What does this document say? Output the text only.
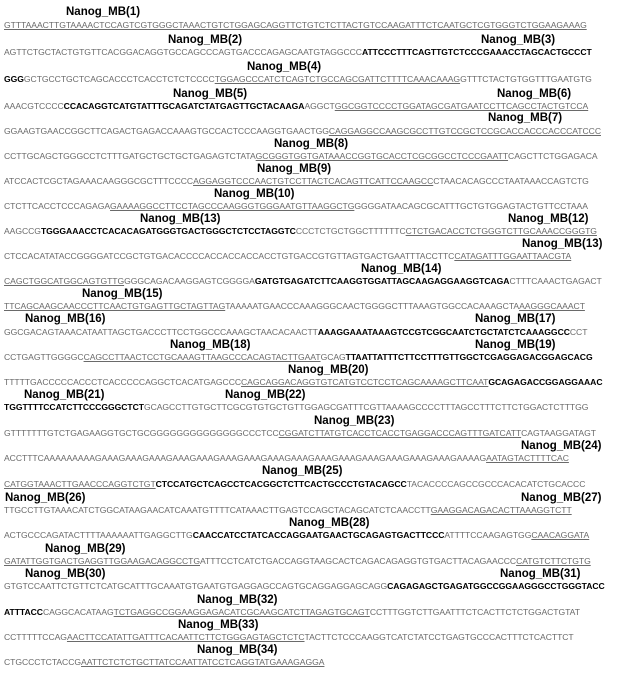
Nanog_MB(1)
Nanog_MB(2)	Nanog_MB(3)
Nanog_MB(4)
Nanog_MB(5)	Nanog_MB(6)
Nanog_MB(7)
Nanog_MB(8)
Nanog_MB(9)
Nanog_MB(10)
Nanog_MB(13)	Nanog_MB(12)
Nanog_MB(13)
Nanog_MB(14)
Nanog_MB(15)
Nanog_MB(16)	Nanog_MB(17)
Nanog_MB(18)	Nanog_MB(19)
Nanog_MB(20)
Nanog_MB(21)	Nanog_MB(22)
Nanog_MB(23)
Nanog_MB(24)
Nanog_MB(25)
Nanog_MB(26)	Nanog_MB(27)
Nanog_MB(28)
Nanog_MB(29)
Nanog_MB(30)	Nanog_MB(31)
Nanog_MB(32)
Nanog_MB(33)
Nanog_MB(34)
GTTTAAACTTGTAAAACTCCAGTCGTGGGCTAAACTGTCTGGAGCAGGTTCTGTCTCTTACTGTCCAAGATTTCTCAATGCTCGTGGGTCTGGAAGAAAG
AGTTCTGCTACTGTGTTCACGGACAGGTGCCAGCCCAGTGACCCAGAGCAATGTAGGCCCATTCCCTTTCAGTTGTCTCCCGAAACCTAGCACTGCCCT
GGGGCTGCCTGCTCAGCACCCTCACCTCTCTCCCCTGGAGCCCATCTCAGTCTGCCAGCGATTCTTTTCAAACAAAGGTTTCTACTGTGGTTTGAATGTG
AAACGTCCCCCCACAGGTCATGTATTTGCAGATCTATGAGTTGCTACAAGAAGGCTGGCGGTCCCCTGGATAGCGATGAATCCTTCAGCCTACTGTCCA
GGAAGTGAACCGGCTTCAGACTGAGACCAAAGTGCCACTCCCAAGGTGAACTGGCAGGAGGCCAAGCGCCTTGTCCGCTCCGCACCACCCACCCATCCC
CCTTGCAGCTGGGCCTCTTTGATGCTGCTGCTGAGAGTCTATAGCGGGTGGTGATAAACCGGTGCACCTCGCGGCCTCCCGAATTCAGCTTCTGGAGACA
ATCCACTCGCTAGAAACAAGGGCGCTTTCCCCAGGAGGTCCCAACTGTCCTTACTCACAGTTCATTCCAAGCCCTAACACAGCCCTAATAAACCAGTCTG
CTCTTCACCTCCCAGAGAGAAAAGGCCTTCCTAGCCCAAGGGTGGGAATGTTAAGGCTGGGGGATAACAGCGCATTTGCTGTGGAGTACTGTTCCTAAA
AAGCCGTGGGAAACCTCACACAGATGGGTGACTGGGCTCTCCTAGGTCCCCTCTGCTGGCTTTTTTCCTCTGACACCTCTGGGTCTTGCAAACCGGGTG
CTCCACATATACCGGGGATCCGCTGTGACACCCCACCACCACCACCTGTGACCGTGTTAGTGACTGAATTTACCTTCCATAGATTTGGAATTAACGTA
CAGCTGGCATGGCAGTGTTGGGGCAGACAAGGAGTCGGGGAGATGTGAGATCTTCAAGGTGGATTAGCAAGAGGAAGGTCAGACTTTCAAACTGAGACT
TTCAGCAAGCAACCCTTCAACTGTGAGTTGCTAGTTAGTAAAAATGAACCCAAAGGGCAACTGGGGCTTTAAAGTGGCCACAAAGCTAAAGGGCAAACT
GGCGACAGTAAACATAATTAGCTGACCCTTCCTGGCCCAAAGCTAACACAACTTAAAGGAAATAAAGTCCGTCGGCAATCTGCTATCTCAAAGGCCCCT
CCTGAGTTGGGGCCAGCCTTAACTCCTGCAAAGTTAAGCCCACAGTACTTGAATGCAGTTAATTATTTCTTCCTTTGTTGGCTCGAGGAGACGGAGCACG
TTTTTGACCCCCACCCTCACCCCCAGGCTCACATGAGCCCCAGCAGGACAGGTGTCATGTCCTCCTCAGCAAAAGCTTCAATGCAGAGACCGGAGGAAAC
TGGTTTTCCATCTTCCCGGGCTCTGCAGCCTTGTGCTTCGCGTGTGCTGTTGGAGCGATTTCGTTAAAAGCCCCTTTAGCCTTTCTTCTGGACTCTTTGG
GTTTTTTTGTCTGAGAAGGTGCTGCGGGGGGGGGGGGGGCCCTCCCGGATCTTATGTCACCTCACCTGAGGACCCAGTTTGATCATTCAGTAAGGATAGT
ACCTTTCAAAAAAAAAGAAAGAAAGAAAGAAAGAAAGAAAGAAAGAAAGAAAGAAAGAAAGAAAGAAAGAAAGAAAGAAAAGAATAGTACTTTTCAC
CATGGTAAACTTGAACCCAGGTCTGTCTCCATGCTCAGCCTCACGGCTCTTCACTGCCCTGTACAGCCTACACCCCAGCCGCCCACACATCTGCACCC
TTGCCTTGTAAACATCTGGCATAAGAACATCAAATGTTTTCATAAACTTGAGTCCAGCTACAGCATCTCAACCTTGAAGGACAGACACTTAAAGGTCTT
ACTGCCCAGATACTTTTAAAAAATTGAGGCTTGCAACCATCCTATCACCAGGAATGAACTGCAGAGTGACTTCCCATTTTCCAAGAGTGGCAACAGGATA
GATATTGGTGACTGAGGTTGGAAGACAGGCCTGATTTCCTCATCTGACCAGGTAAGCACTCAGACAGAGGTGTGACTTACAGAACCCCATGTCTTCTGTG
GTGTCCAATTCTGTTCTCATGCATTTGCAAATGTGAATGTGAGGAGCCAGTGCAGGAGGAGCAGGCAGAGAGCTGAGATGGCCGGAAGGGCCTGGGTACC
ATTTACCCAGGCACATAAGTCTGAGGCCGGAAGGAGACATCGCAAGCATCTTAGAGTGCAGTCCTTTGGTCTTGAATTTCTCACTTCTCTGGACTGTAT
CCTTTTTCCAGAACTTCCATATTGATTTCACAATTCTTCTGGGAGTAGCTCTCTACTTCTCCCAAGGTCATCTATCCTGAGTGCCCACTTTCTCACTTCT
CTGCCCTCTACCGAATTCTCTCTGCTTATCCAATTATCCTCAGGTATGAAAGAGGA
